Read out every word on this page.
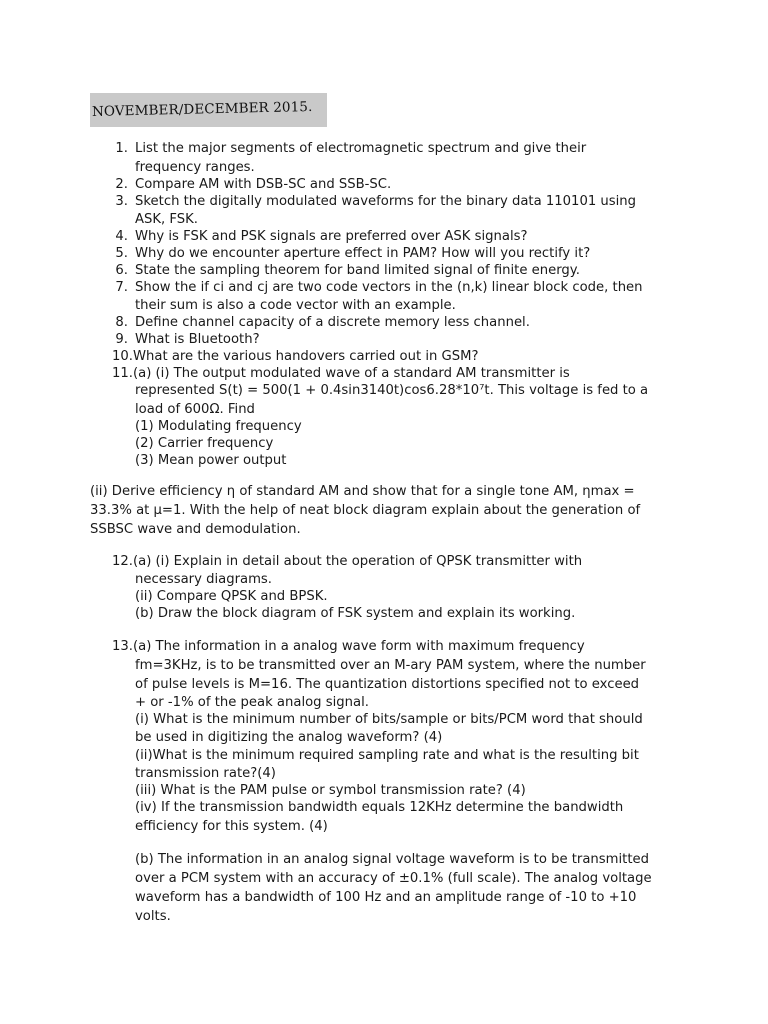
NOVEMBER/DECEMBER 2015.
1. List the major segments of electromagnetic spectrum and give their
frequency ranges.
2. Compare AM with DSB-SC and SSB-SC.
3. Sketch the digitally modulated waveforms for the binary data 110101 using
ASK, FSK.
4. Why is FSK and PSK signals are preferred over ASK signals?
5. Why do we encounter aperture effect in PAM? How will you rectify it?
6. State the sampling theorem for band limited signal of finite energy.
7. Show the if ci and cj are two code vectors in the (n,k) linear block code, then
their sum is also a code vector with an example.
8. Define channel capacity of a discrete memory less channel.
9. What is Bluetooth?
10.What are the various handovers carried out in GSM?
11.(a) (i) The output modulated wave of a standard AM transmitter is
represented S(t) = 500(1 + 0.4sin3140t)cos6.28*10⁷t. This voltage is fed to a
load of 600Ω. Find
(1) Modulating frequency
(2) Carrier frequency
(3) Mean power output
(ii) Derive efficiency η of standard AM and show that for a single tone AM, ηmax =
33.3% at μ=1. With the help of neat block diagram explain about the generation of
SSBSC wave and demodulation.
12.(a) (i) Explain in detail about the operation of QPSK transmitter with
necessary diagrams.
(ii) Compare QPSK and BPSK.
(b) Draw the block diagram of FSK system and explain its working.
13.(a) The information in a analog wave form with maximum frequency
fm=3KHz, is to be transmitted over an M-ary PAM system, where the number
of pulse levels is M=16. The quantization distortions specified not to exceed
+ or -1% of the peak analog signal.
(i) What is the minimum number of bits/sample or bits/PCM word that should
be used in digitizing the analog waveform? (4)
(ii)What is the minimum required sampling rate and what is the resulting bit
transmission rate?(4)
(iii) What is the PAM pulse or symbol transmission rate? (4)
(iv) If the transmission bandwidth equals 12KHz determine the bandwidth
efficiency for this system. (4)
(b) The information in an analog signal voltage waveform is to be transmitted
over a PCM system with an accuracy of ±0.1% (full scale). The analog voltage
waveform has a bandwidth of 100 Hz and an amplitude range of -10 to +10
volts.
